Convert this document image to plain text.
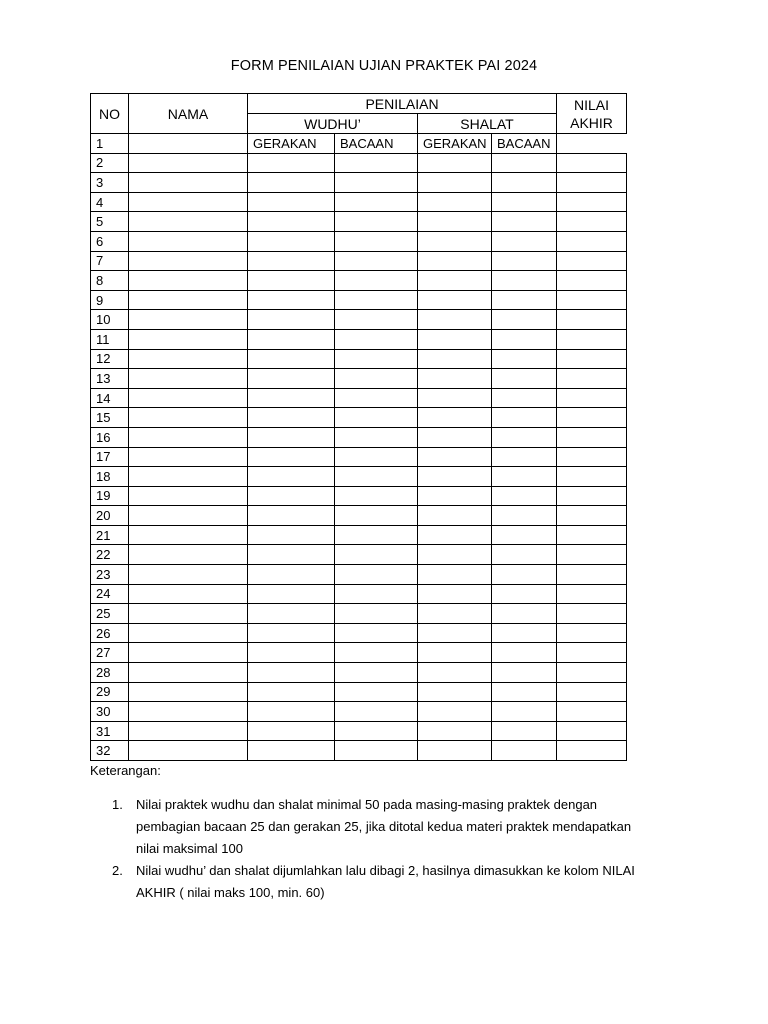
FORM PENILAIAN UJIAN PRAKTEK PAI 2024
NO	NAMA	PENILAIAN				NILAI
AKHIR

		WUDHU’		SHALAT		
1		GERAKAN	BACAAN	GERAKAN	BACAAN	
2						
3						
4						
5						
6						
7						
8						
9						
10						
11						
12						
13						
14						
15						
16						
17						
18						
19						
20						
21						
22						
23						
24						
25						
26						
27						
28						
29						
30						
31						
32						

Keterangan:

1. Nilai praktek wudhu dan shalat minimal 50 pada masing-masing praktek dengan
pembagian bacaan 25 dan gerakan 25, jika ditotal kedua materi praktek mendapatkan
nilai maksimal 100
2. Nilai wudhu’ dan shalat dijumlahkan lalu dibagi 2, hasilnya dimasukkan ke kolom NILAI
AKHIR ( nilai maks 100, min. 60)
